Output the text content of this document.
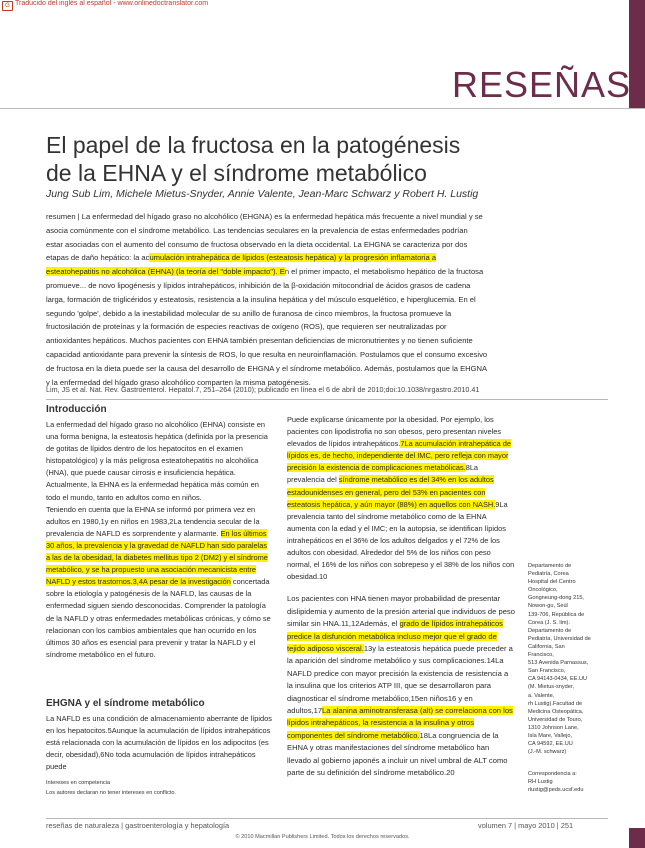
G Traducido del inglés al español - www.onlinedoctranslator.com
RESEÑAS
El papel de la fructosa en la patogénesis
de la EHNA y el síndrome metabólico
Jung Sub Lim, Michele Mietus-Snyder, Annie Valente, Jean-Marc Schwarz y Robert H. Lustig
resumen | La enfermedad del hígado graso no alcohólico (EHGNA) es la enfermedad hepática más frecuente a nivel mundial y se
asocia comúnmente con el síndrome metabólico. Las tendencias seculares en la prevalencia de estas enfermedades podrían
estar asociadas con el aumento del consumo de fructosa observado en la dieta occidental. La EHGNA se caracteriza por dos
etapas de daño hepático: la acumulación intrahepática de lípidos (esteatosis hepática) y la progresión inflamatoria a
esteatohepatitis no alcohólica (EHNA) (la teoría del "doble impacto"). En el primer impacto, el metabolismo hepático de la fructosa
promueve... de novo lipogénesis y lípidos intrahepáticos, inhibición de la β-oxidación mitocondrial de ácidos grasos de cadena
larga, formación de triglicéridos y esteatosis, resistencia a la insulina hepática y del músculo esquelético, e hiperglucemia. En el
segundo 'golpe', debido a la inestabilidad molecular de su anillo de furanosa de cinco miembros, la fructosa promueve la
fructosilación de proteínas y la formación de especies reactivas de oxígeno (ROS), que requieren ser neutralizadas por
antioxidantes hepáticos. Muchos pacientes con EHNA también presentan deficiencias de micronutrientes y no tienen suficiente
capacidad antioxidante para prevenir la síntesis de ROS, lo que resulta en neuroinflamación. Postulamos que el consumo excesivo
de fructosa en la dieta puede ser la causa del desarrollo de EHGNA y el síndrome metabólico. Además, postulamos que la EHGNA
y la enfermedad del hígado graso alcohólico comparten la misma patogénesis.
Lim, JS et al. Nat. Rev. Gastroenterol. Hepatol.7, 251–264 (2010); publicado en línea el 6 de abril de 2010;doi:10.1038/nrgastro.2010.41
Introducción
La enfermedad del hígado graso no alcohólico (EHNA) consiste en una forma benigna, la esteatosis hepática (definida por la presencia de gotitas de lípidos dentro de los hepatocitos en el examen histopatológico) y la más peligrosa esteatohepatitis no alcohólica (HNA), que puede causar cirrosis e insuficiencia hepática. Actualmente, la EHNA es la enfermedad hepática más común en todo el mundo, tanto en adultos como en niños.
Teniendo en cuenta que la EHNA se informó por primera vez en adultos en 1980,1y en niños en 1983,2La tendencia secular de la prevalencia de NAFLD es sorprendente y alarmante. En los últimos 30 años, la prevalencia y la gravedad de NAFLD han sido paralelas a las de la obesidad, la diabetes mellitus tipo 2 (DM2) y el síndrome metabólico, y se ha propuesto una asociación mecanicista entre NAFLD y estos trastornos.3,4A pesar de la investigación concertada sobre la etiología y patogénesis de la NAFLD, las causas de la enfermedad siguen siendo desconocidas. Comprender la patología de la NAFLD y otras enfermedades metabólicas crónicas, y cómo se relacionan con los cambios ambientales que han ocurrido en los últimos 30 años es esencial para prevenir y tratar la NAFLD y el síndrome metabólico en el futuro.
EHGNA y el síndrome metabólico
La NAFLD es una condición de almacenamiento aberrante de lípidos en los hepatocitos.5Aunque la acumulación de lípidos intrahepáticos está relacionada con la acumulación de lípidos en los adipocitos (es decir, obesidad),6No toda acumulación de lípidos intrahepáticos puede
Intereses en competencia
Los autores declaran no tener intereses en conflicto.
Puede explicarse únicamente por la obesidad. Por ejemplo, los pacientes con lipodistrofia no son obesos, pero presentan niveles elevados de lípidos intrahepáticos.7La acumulación intrahepática de lípidos es, de hecho, independiente del IMC, pero refleja con mayor precisión la existencia de complicaciones metabólicas.8La prevalencia del síndrome metabólico es del 34% en los adultos estadounidenses en general, pero del 53% en pacientes con esteatosis hepática, y aún mayor (88%) en aquellos con NASH.9La prevalencia tanto del síndrome metabólico como de la EHNA aumenta con la edad y el IMC; en la autopsia, se identifican lípidos intrahepáticos en el 36% de los adultos delgados y el 72% de los adultos con obesidad. Alrededor del 5% de los niños con peso normal, el 16% de los niños con sobrepeso y el 38% de los niños con obesidad.10
Los pacientes con HNA tienen mayor probabilidad de presentar dislipidemia y aumento de la presión arterial que individuos de peso similar sin HNA.11,12Además, el grado de lípidos intrahepáticos predice la disfunción metabólica incluso mejor que el grado de tejido adiposo visceral.13y la esteatosis hepática puede preceder a la aparición del síndrome metabólico y sus complicaciones.14La NAFLD predice con mayor precisión la existencia de resistencia a la insulina que los criterios ATP III, que se desarrollaron para diagnosticar el síndrome metabólico,15en niños16 y en adultos,17La alanina aminotransferasa (alt) se correlaciona con los lípidos intrahepáticos, la resistencia a la insulina y otros componentes del síndrome metabólico.18La congruencia de la EHNA y otras manifestaciones del síndrome metabólico han llevado al gobierno japonés a incluir un nivel umbral de ALT como parte de su definición del síndrome metabólico.20
Departamento de
Pediatría, Corea
Hospital del Centro Oncológico,
Gongneung-dong 215,
Nowon-gu, Seúl
139-706, República de
Corea (J. S. lim).
Departamento de
Pediatría, Universidad de
California, San
Francisco,
513 Avenida Parnassus,
San Francisco,
CA 94143-0434, EE.UU
(M. Mietus-snyder,
a. Valente,
rh Lustig).Facultad de
Medicina Osteopática,
Universidad de Touro,
1310 Johnson Lane,
Isla Mare, Vallejo,
CA 94592, EE.UU
(J.-M. schwarz)
Correspondencia a:
RH Lustig
rlustig@peds.ucsf.edu
reseñas de naturaleza | gastroenterología y hepatología	volumen 7 | mayo 2010 | 251
© 2010 Macmillan Publishers Limited. Todos los derechos reservados.
